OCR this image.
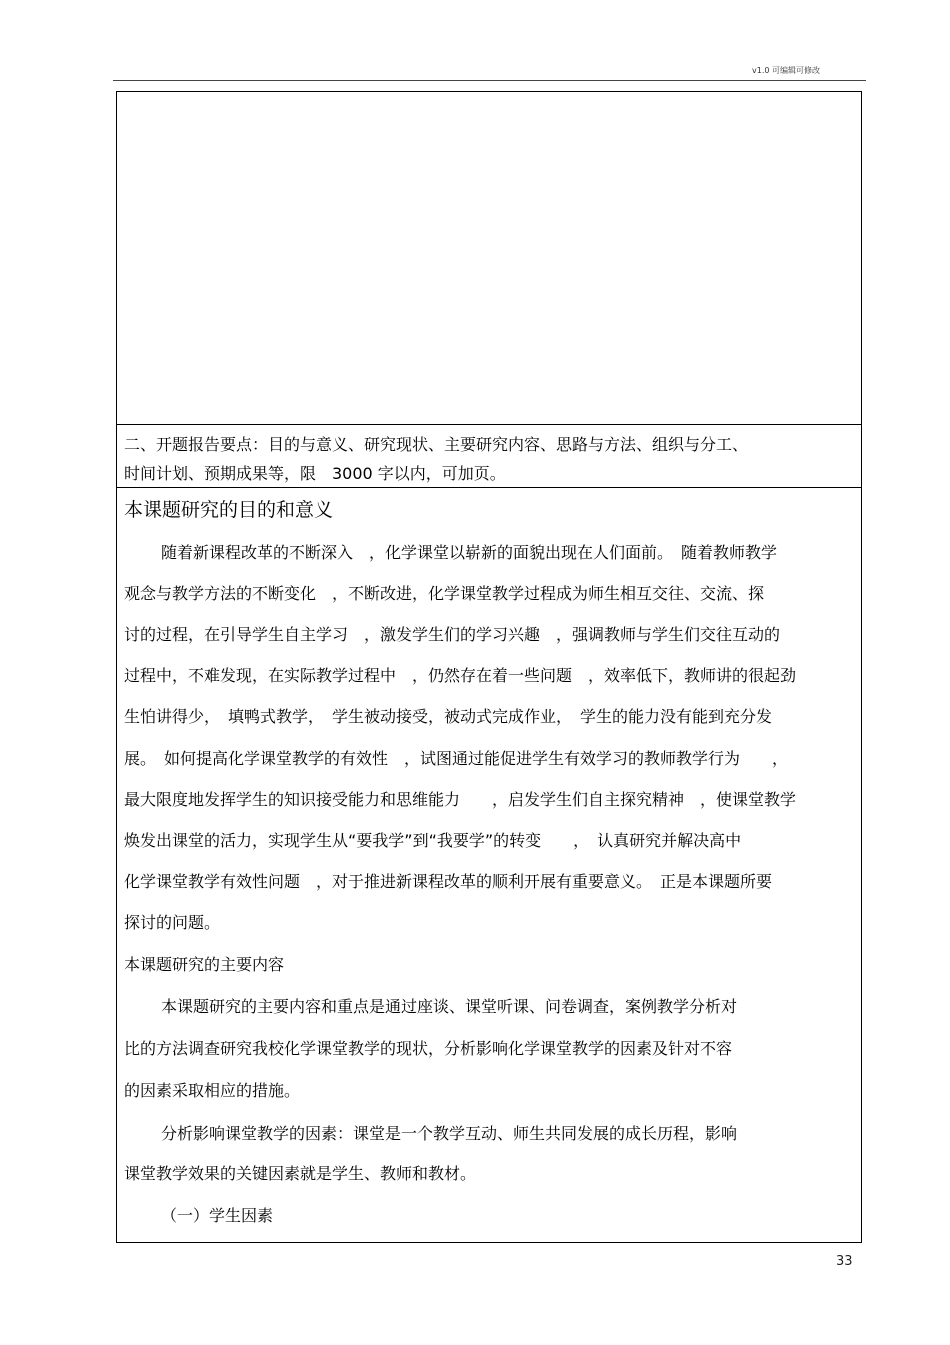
v1.0 可编辑可修改
二、开题报告要点：目的与意义、研究现状、主要研究内容、思路与方法、组织与分工、
时间计划、预期成果等，限　3000 字以内，可加页。
本课题研究的目的和意义
随着新课程改革的不断深入　，化学课堂以崭新的面貌出现在人们面前。　随着教师教学
观念与教学方法的不断变化　，不断改进，化学课堂教学过程成为师生相互交往、交流、探
讨的过程，在引导学生自主学习　，激发学生们的学习兴趣　，强调教师与学生们交往互动的
过程中，不难发现，在实际教学过程中　，仍然存在着一些问题　，效率低下，教师讲的很起劲
生怕讲得少，　填鸭式教学，　学生被动接受，被动式完成作业，　学生的能力没有能到充分发
展。　如何提高化学课堂教学的有效性　，试图通过能促进学生有效学习的教师教学行为　　，
最大限度地发挥学生的知识接受能力和思维能力　　，启发学生们自主探究精神　，使课堂教学
焕发出课堂的活力，实现学生从“要我学”到“我要学”的转变　　，　认真研究并解决高中
化学课堂教学有效性问题　，对于推进新课程改革的顺利开展有重要意义。　正是本课题所要
探讨的问题。
本课题研究的主要内容
本课题研究的主要内容和重点是通过座谈、课堂听课、问卷调查，案例教学分析对
比的方法调查研究我校化学课堂教学的现状，分析影响化学课堂教学的因素及针对不容
的因素采取相应的措施。
分析影响课堂教学的因素：课堂是一个教学互动、师生共同发展的成长历程，影响
课堂教学效果的关键因素就是学生、教师和教材。
（一）学生因素
33
